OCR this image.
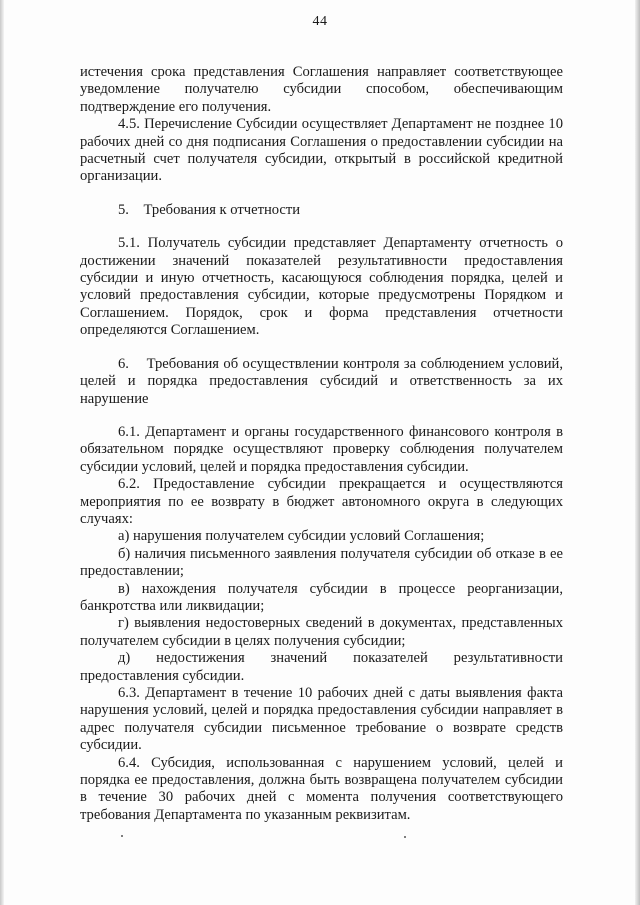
44

истечения срока представления Соглашения направляет соответствующее уведомление получателю субсидии способом, обеспечивающим подтверждение его получения.

4.5. Перечисление Субсидии осуществляет Департамент не позднее 10 рабочих дней со дня подписания Соглашения о предоставлении субсидии на расчетный счет получателя субсидии, открытый в российской кредитной организации.

5.    Требования к отчетности

5.1. Получатель субсидии представляет Департаменту отчетность о достижении значений показателей результативности предоставления субсидии и иную отчетность, касающуюся соблюдения порядка, целей и условий предоставления субсидии, которые предусмотрены Порядком и Соглашением. Порядок, срок и форма представления отчетности определяются Соглашением.

6.    Требования об осуществлении контроля за соблюдением условий, целей и порядка предоставления субсидий и ответственность за их нарушение

6.1. Департамент и органы государственного финансового контроля в обязательном порядке осуществляют проверку соблюдения получателем субсидии условий, целей и порядка предоставления субсидии.

6.2. Предоставление субсидии прекращается и осуществляются мероприятия по ее возврату в бюджет автономного округа в следующих случаях:

а) нарушения получателем субсидии условий Соглашения;

б) наличия письменного заявления получателя субсидии об отказе в ее предоставлении;

в) нахождения получателя субсидии в процессе реорганизации, банкротства или ликвидации;

г) выявления недостоверных сведений в документах, представленных получателем субсидии в целях получения субсидии;

д) недостижения значений показателей результативности предоставления субсидии.

6.3. Департамент в течение 10 рабочих дней с даты выявления факта нарушения условий, целей и порядка предоставления субсидии направляет в адрес получателя субсидии письменное требование о возврате средств субсидии.

6.4. Субсидия, использованная с нарушением условий, целей и порядка ее предоставления, должна быть возвращена получателем субсидии в течение 30 рабочих дней с момента получения соответствующего требования Департамента по указанным реквизитам.
